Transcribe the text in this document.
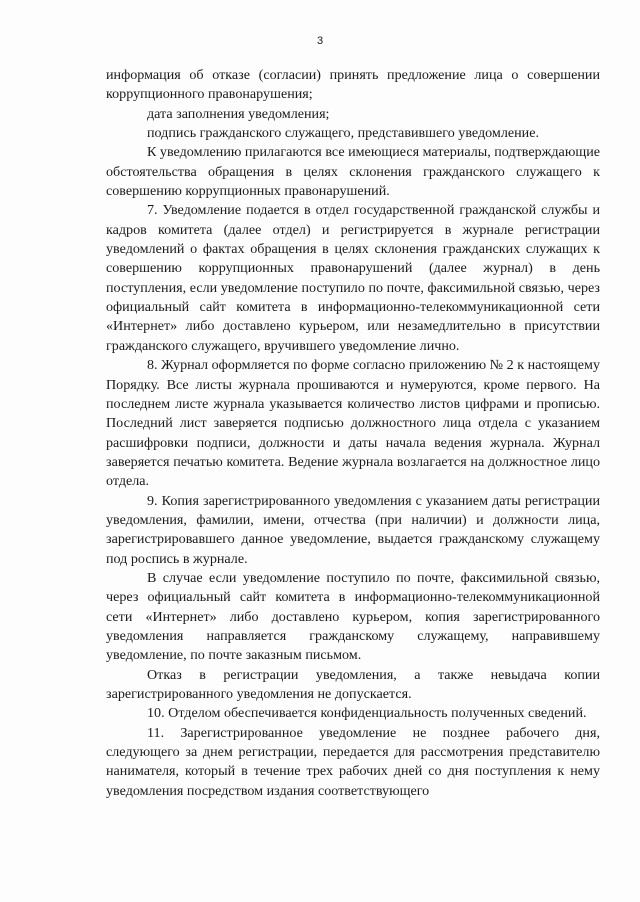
3

информация об отказе (согласии) принять предложение лица о совершении коррупционного правонарушения;

дата заполнения уведомления;

подпись гражданского служащего, представившего уведомление.

К уведомлению прилагаются все имеющиеся материалы, подтверждающие обстоятельства обращения в целях склонения гражданского служащего к совершению коррупционных правонарушений.

7. Уведомление подается в отдел государственной гражданской службы и кадров комитета (далее отдел) и регистрируется в журнале регистрации уведомлений о фактах обращения в целях склонения гражданских служащих к совершению коррупционных правонарушений (далее журнал) в день поступления, если уведомление поступило по почте, факсимильной связью, через официальный сайт комитета в информационно-телекоммуникационной сети «Интернет» либо доставлено курьером, или незамедлительно в присутствии гражданского служащего, вручившего уведомление лично.

8. Журнал оформляется по форме согласно приложению № 2 к настоящему Порядку. Все листы журнала прошиваются и нумеруются, кроме первого. На последнем листе журнала указывается количество листов цифрами и прописью. Последний лист заверяется подписью должностного лица отдела с указанием расшифровки подписи, должности и даты начала ведения журнала. Журнал заверяется печатью комитета. Ведение журнала возлагается на должностное лицо отдела.

9. Копия зарегистрированного уведомления с указанием даты регистрации уведомления, фамилии, имени, отчества (при наличии) и должности лица, зарегистрировавшего данное уведомление, выдается гражданскому служащему под роспись в журнале.

В случае если уведомление поступило по почте, факсимильной связью, через официальный сайт комитета в информационно-телекоммуникационной сети «Интернет» либо доставлено курьером, копия зарегистрированного уведомления направляется гражданскому служащему, направившему уведомление, по почте заказным письмом.

Отказ в регистрации уведомления, а также невыдача копии зарегистрированного уведомления не допускается.

10. Отделом обеспечивается конфиденциальность полученных сведений.

11. Зарегистрированное уведомление не позднее рабочего дня, следующего за днем регистрации, передается для рассмотрения представителю нанимателя, который в течение трех рабочих дней со дня поступления к нему уведомления посредством издания соответствующего
